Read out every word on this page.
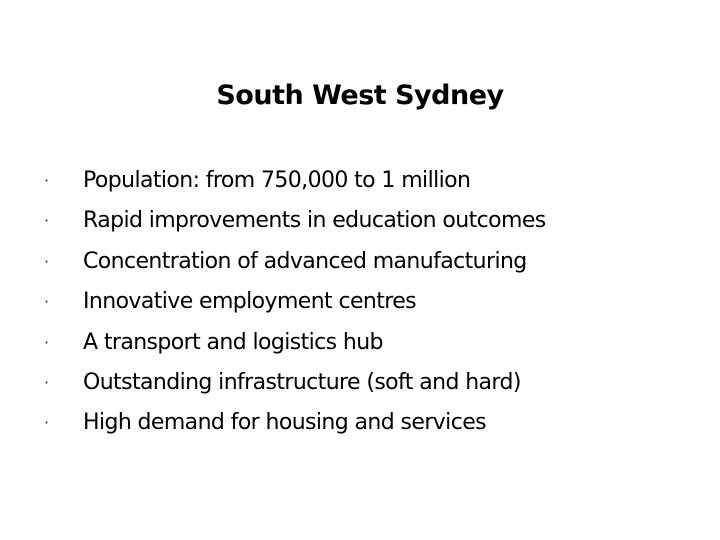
South West Sydney
·	Population: from 750,000 to 1 million
·	Rapid improvements in education outcomes
·	Concentration of advanced manufacturing
·	Innovative employment centres
·	A transport and logistics hub
·	Outstanding infrastructure (soft and hard)
·	High demand for housing and services
